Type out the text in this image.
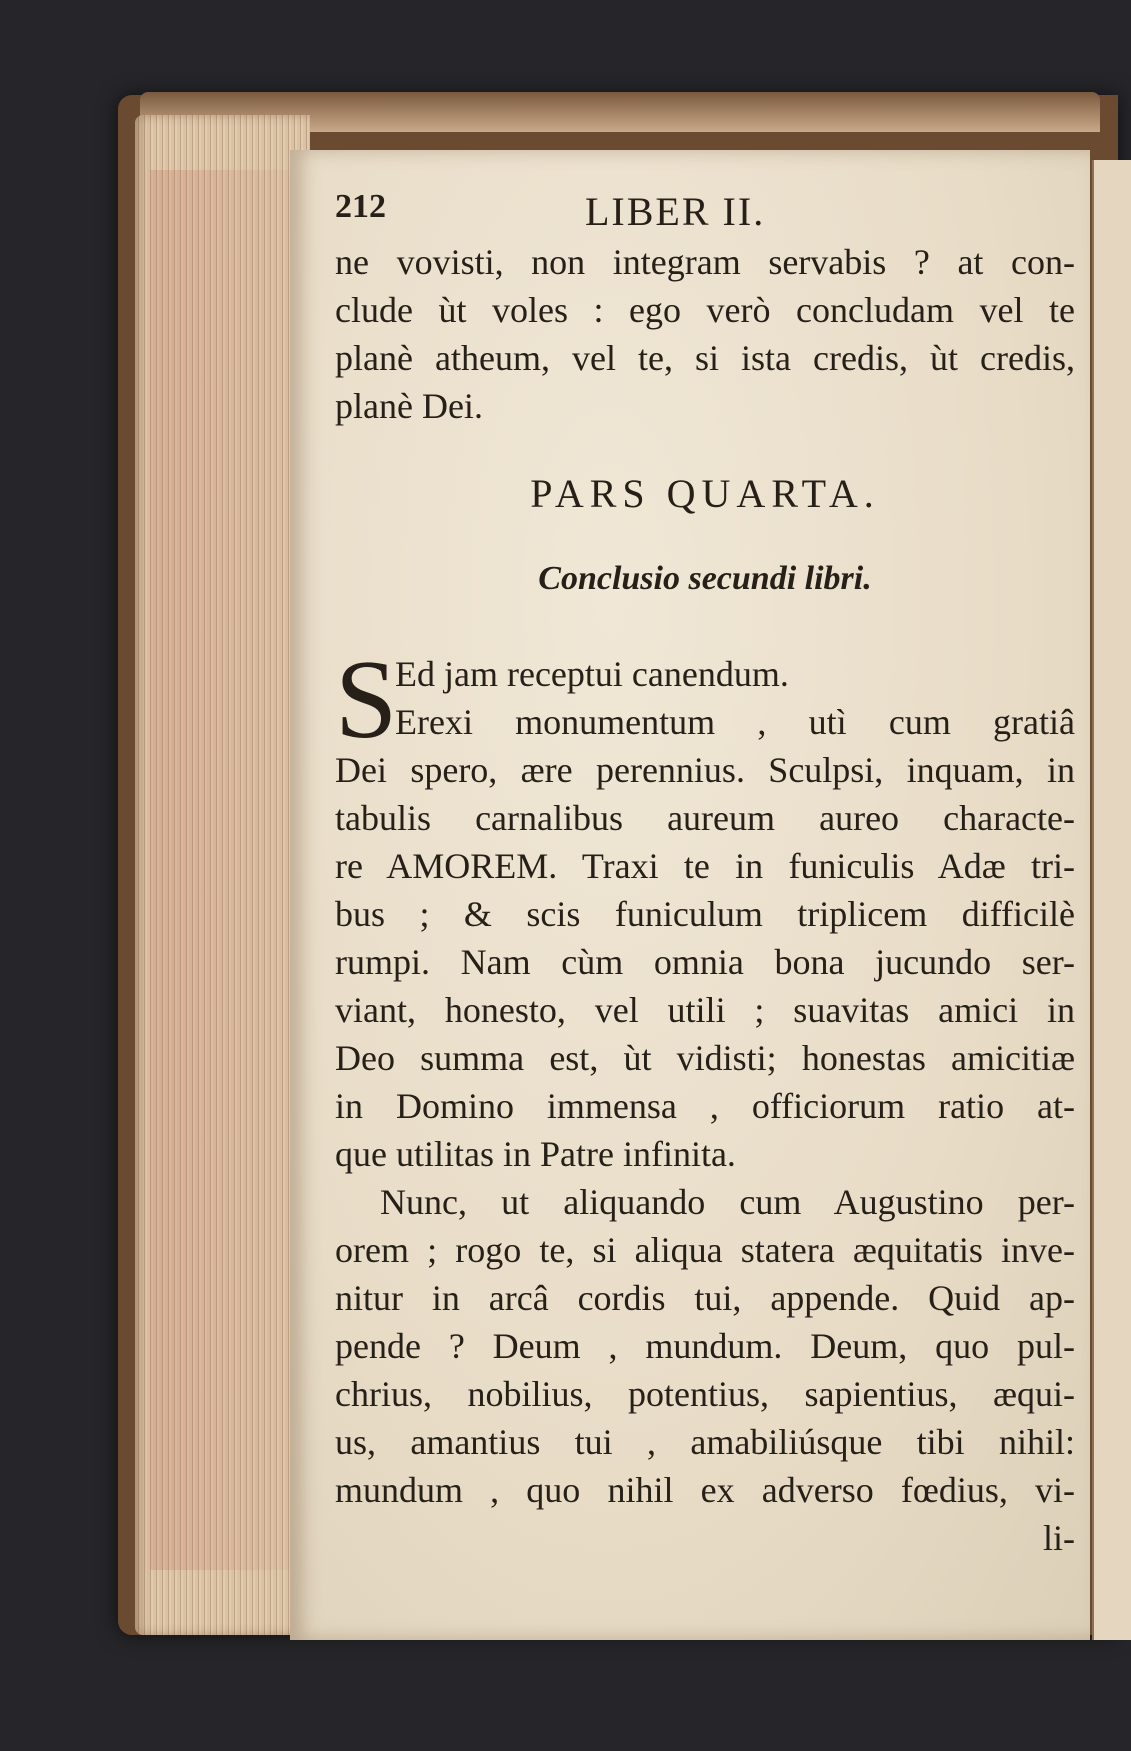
212	LIBER II.
ne vovisti, non integram servabis ? at con-
clude ùt voles : ego verò concludam vel te
planè atheum, vel te, si ista credis, ùt credis,
planè Dei.
PARS QUARTA.
Conclusio secundi libri.
S
Ed jam receptui canendum.
Erexi monumentum , utì cum gratiâ
Dei spero, ære perennius. Sculpsi, inquam, in
tabulis carnalibus aureum aureo characte-
re AMOREM. Traxi te in funiculis Adæ tri-
bus ; & scis funiculum triplicem difficilè
rumpi. Nam cùm omnia bona jucundo ser-
viant, honesto, vel utili ; suavitas amici in
Deo summa est, ùt vidisti; honestas amicitiæ
in Domino immensa , officiorum ratio at-
que utilitas in Patre infinita.
Nunc, ut aliquando cum Augustino per-
orem ; rogo te, si aliqua statera æquitatis inve-
nitur in arcâ cordis tui, appende. Quid ap-
pende ? Deum , mundum. Deum, quo pul-
chrius, nobilius, potentius, sapientius, æqui-
us, amantius tui , amabiliúsque tibi nihil:
mundum , quo nihil ex adverso fœdius, vi-
li-
